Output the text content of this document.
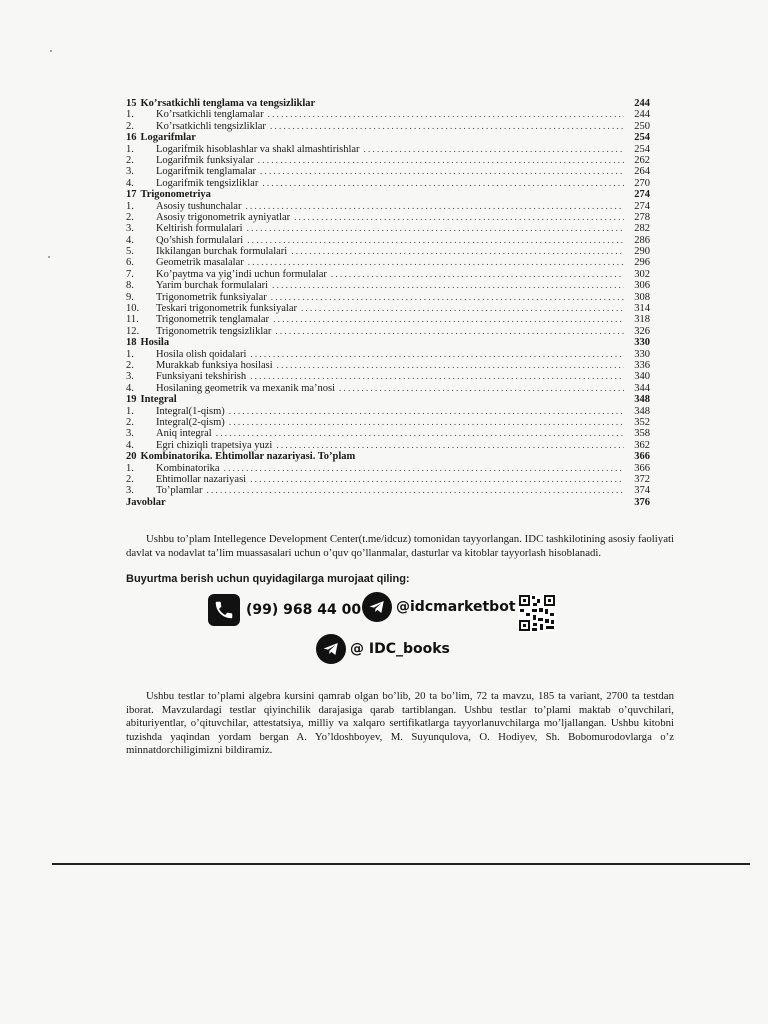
15 Ko’rsatkichli tenglama va tengsizliklar	244
1.	Ko’rsatkichli tenglamalar . . .	244
2.	Ko’rsatkichli tengsizliklar . . .	250
16 Logarifmlar	254
1.	Logarifmik hisoblashlar va shakl almashtirishlar . . .	254
2.	Logarifmik funksiyalar . . .	262
3.	Logarifmik tenglamalar . . .	264
4.	Logarifmik tengsizliklar . . .	270
17 Trigonometriya	274
1.	Asosiy tushunchalar . . .	274
2.	Asosiy trigonometrik ayniyatlar . . .	278
3.	Keltirish formulalari . . .	282
4.	Qo’shish formulalari . . .	286
5.	Ikkilangan burchak formulalari . . .	290
6.	Geometrik masalalar . . .	296
7.	Ko’paytma va yig’indi uchun formulalar . . .	302
8.	Yarim burchak formulalari . . .	306
9.	Trigonometrik funksiyalar . . .	308
10.	Teskari trigonometrik funksiyalar . . .	314
11.	Trigonometrik tenglamalar . . .	318
12.	Trigonometrik tengsizliklar . . .	326
18 Hosila	330
1.	Hosila olish qoidalari . . .	330
2.	Murakkab funksiya hosilasi . . .	336
3.	Funksiyani tekshirish . . .	340
4.	Hosilaning geometrik va mexanik ma’nosi . . .	344
19 Integral	348
1.	Integral(1-qism) . . .	348
2.	Integral(2-qism) . . .	352
3.	Aniq integral . . .	358
4.	Egri chiziqli trapetsiya yuzi . . .	362
20 Kombinatorika. Ehtimollar nazariyasi. To’plam	366
1.	Kombinatorika . . .	366
2.	Ehtimollar nazariyasi . . .	372
3.	To’plamlar . . .	374
Javoblar	376
Ushbu to’plam Intellegence Development Center(t.me/idcuz) tomonidan tayyorlangan. IDC tashkilotining asosiy faoliyati davlat va nodavlat ta’lim muassasalari uchun o’quv qo’llanmalar, dasturlar va kitoblar tayyorlash hisoblanadi.
Buyurtma berish uchun quyidagilarga murojaat qiling:
(99) 968 44 00 @idcmarketbot
@ IDC_books
Ushbu testlar to’plami algebra kursini qamrab olgan bo’lib, 20 ta bo’lim, 72 ta mavzu, 185 ta variant, 2700 ta testdan iborat. Mavzulardagi testlar qiyinchilik darajasiga qarab tartiblangan. Ushbu testlar to’plami maktab o’quvchilari, abituriyentlar, o’qituvchilar, attestatsiya, milliy va xalqaro sertifikatlarga tayyorlanuvchilarga mo’ljallangan. Ushbu kitobni tuzishda yaqindan yordam bergan A. Yo’ldoshboyev, M. Suyunqulova, O. Hodiyev, Sh. Bobomurodovlarga o’z minnatdorchiligimizni bildiramiz.
